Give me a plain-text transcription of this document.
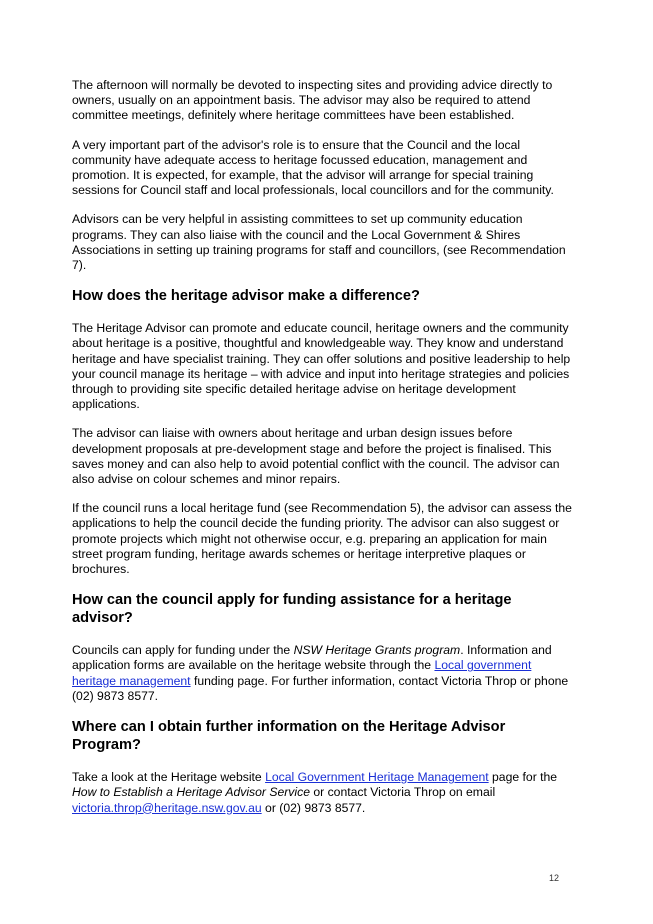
The afternoon will normally be devoted to inspecting sites and providing advice directly to owners, usually on an appointment basis. The advisor may also be required to attend committee meetings, definitely where heritage committees have been established.

A very important part of the advisor's role is to ensure that the Council and the local community have adequate access to heritage focussed education, management and promotion. It is expected, for example, that the advisor will arrange for special training sessions for Council staff and local professionals, local councillors and for the community.

Advisors can be very helpful in assisting committees to set up community education programs. They can also liaise with the council and the Local Government & Shires Associations in setting up training programs for staff and councillors, (see Recommendation 7).

How does the heritage advisor make a difference?

The Heritage Advisor can promote and educate council, heritage owners and the community about heritage is a positive, thoughtful and knowledgeable way. They know and understand heritage and have specialist training. They can offer solutions and positive leadership to help your council manage its heritage – with advice and input into heritage strategies and policies through to providing site specific detailed heritage advise on heritage development applications.

The advisor can liaise with owners about heritage and urban design issues before development proposals at pre-development stage and before the project is finalised. This saves money and can also help to avoid potential conflict with the council. The advisor can also advise on colour schemes and minor repairs.

If the council runs a local heritage fund (see Recommendation 5), the advisor can assess the applications to help the council decide the funding priority. The advisor can also suggest or promote projects which might not otherwise occur, e.g. preparing an application for main street program funding, heritage awards schemes or heritage interpretive plaques or brochures.

How can the council apply for funding assistance for a heritage advisor?

Councils can apply for funding under the NSW Heritage Grants program. Information and application forms are available on the heritage website through the Local government heritage management funding page. For further information, contact Victoria Throp or phone (02) 9873 8577.

Where can I obtain further information on the Heritage Advisor Program?

Take a look at the Heritage website Local Government Heritage Management page for the How to Establish a Heritage Advisor Service or contact Victoria Throp on email victoria.throp@heritage.nsw.gov.au or (02) 9873 8577.

12
